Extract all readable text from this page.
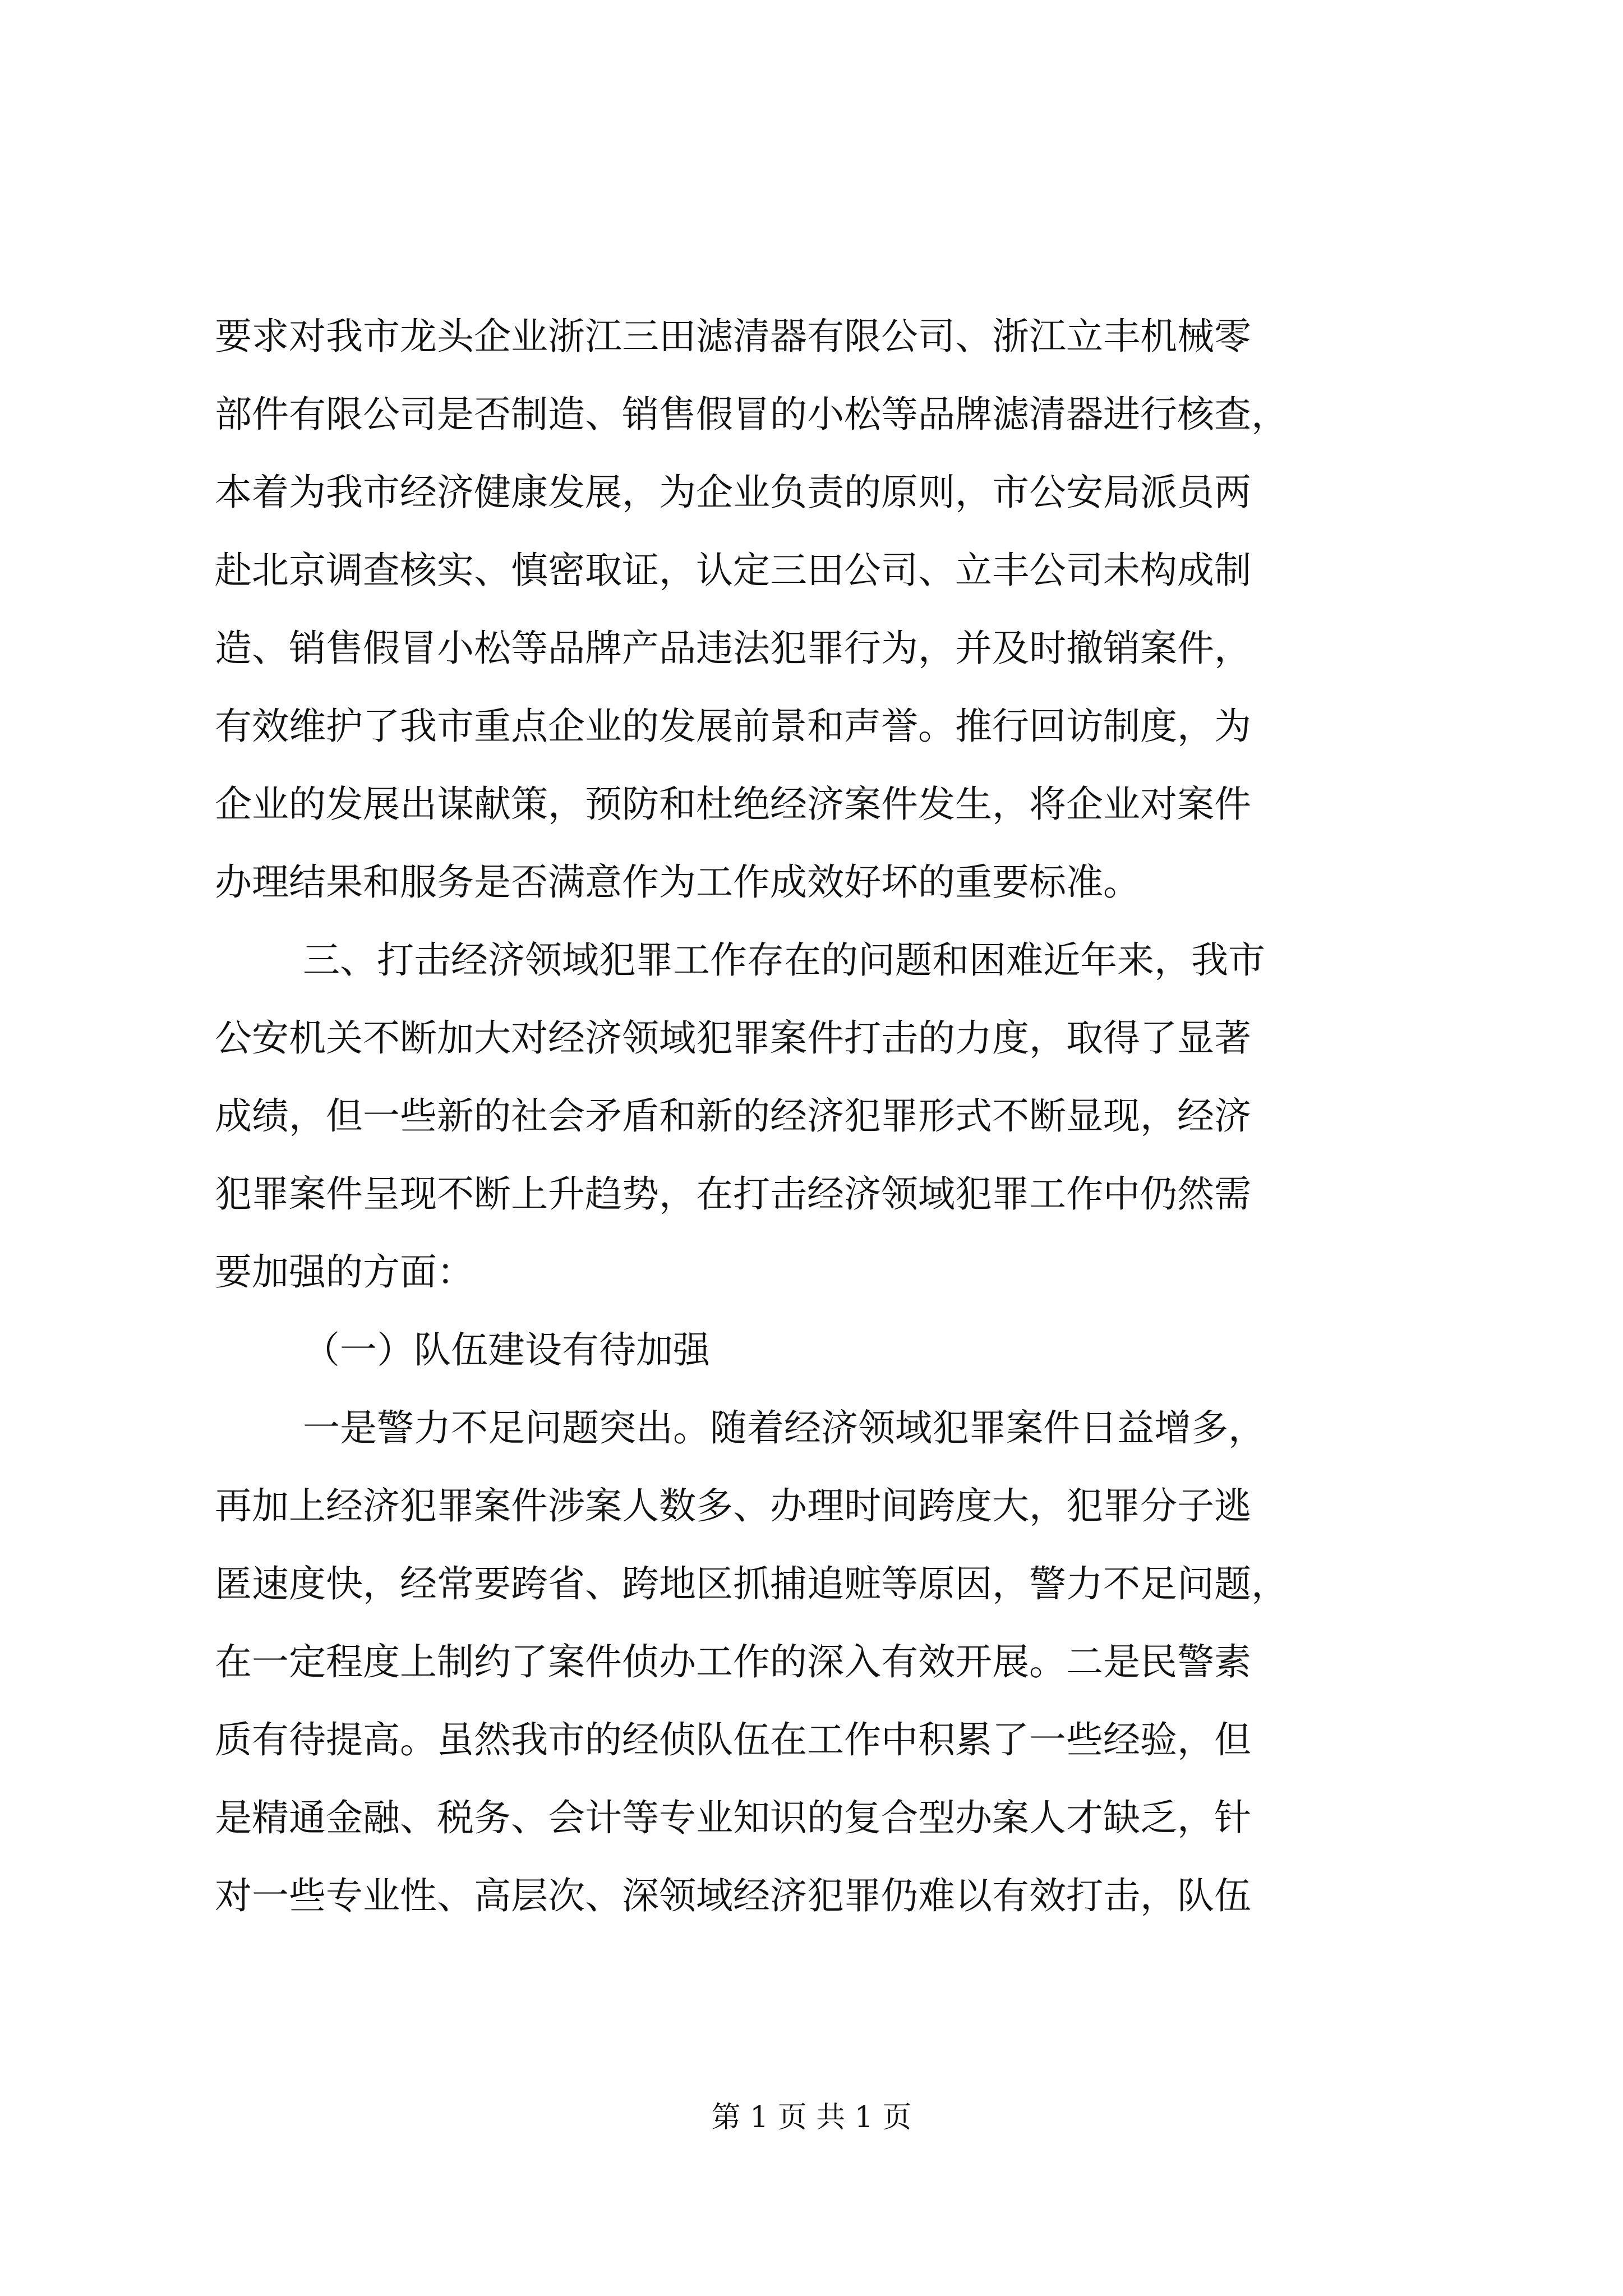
要求对我市龙头企业浙江三田滤清器有限公司、浙江立丰机械零

部件有限公司是否制造、销售假冒的小松等品牌滤清器进行核查，

本着为我市经济健康发展，为企业负责的原则，市公安局派员两

赴北京调查核实、慎密取证，认定三田公司、立丰公司未构成制

造、销售假冒小松等品牌产品违法犯罪行为，并及时撤销案件，

有效维护了我市重点企业的发展前景和声誉。推行回访制度，为

企业的发展出谋献策，预防和杜绝经济案件发生，将企业对案件

办理结果和服务是否满意作为工作成效好坏的重要标准。

三、打击经济领域犯罪工作存在的问题和困难近年来，我市

公安机关不断加大对经济领域犯罪案件打击的力度，取得了显著

成绩，但一些新的社会矛盾和新的经济犯罪形式不断显现，经济

犯罪案件呈现不断上升趋势，在打击经济领域犯罪工作中仍然需

要加强的方面：

（一）队伍建设有待加强

一是警力不足问题突出。随着经济领域犯罪案件日益增多，

再加上经济犯罪案件涉案人数多、办理时间跨度大，犯罪分子逃

匿速度快，经常要跨省、跨地区抓捕追赃等原因，警力不足问题，

在一定程度上制约了案件侦办工作的深入有效开展。二是民警素

质有待提高。虽然我市的经侦队伍在工作中积累了一些经验，但

是精通金融、税务、会计等专业知识的复合型办案人才缺乏，针

对一些专业性、高层次、深领域经济犯罪仍难以有效打击，队伍

第 1 页 共 1 页
